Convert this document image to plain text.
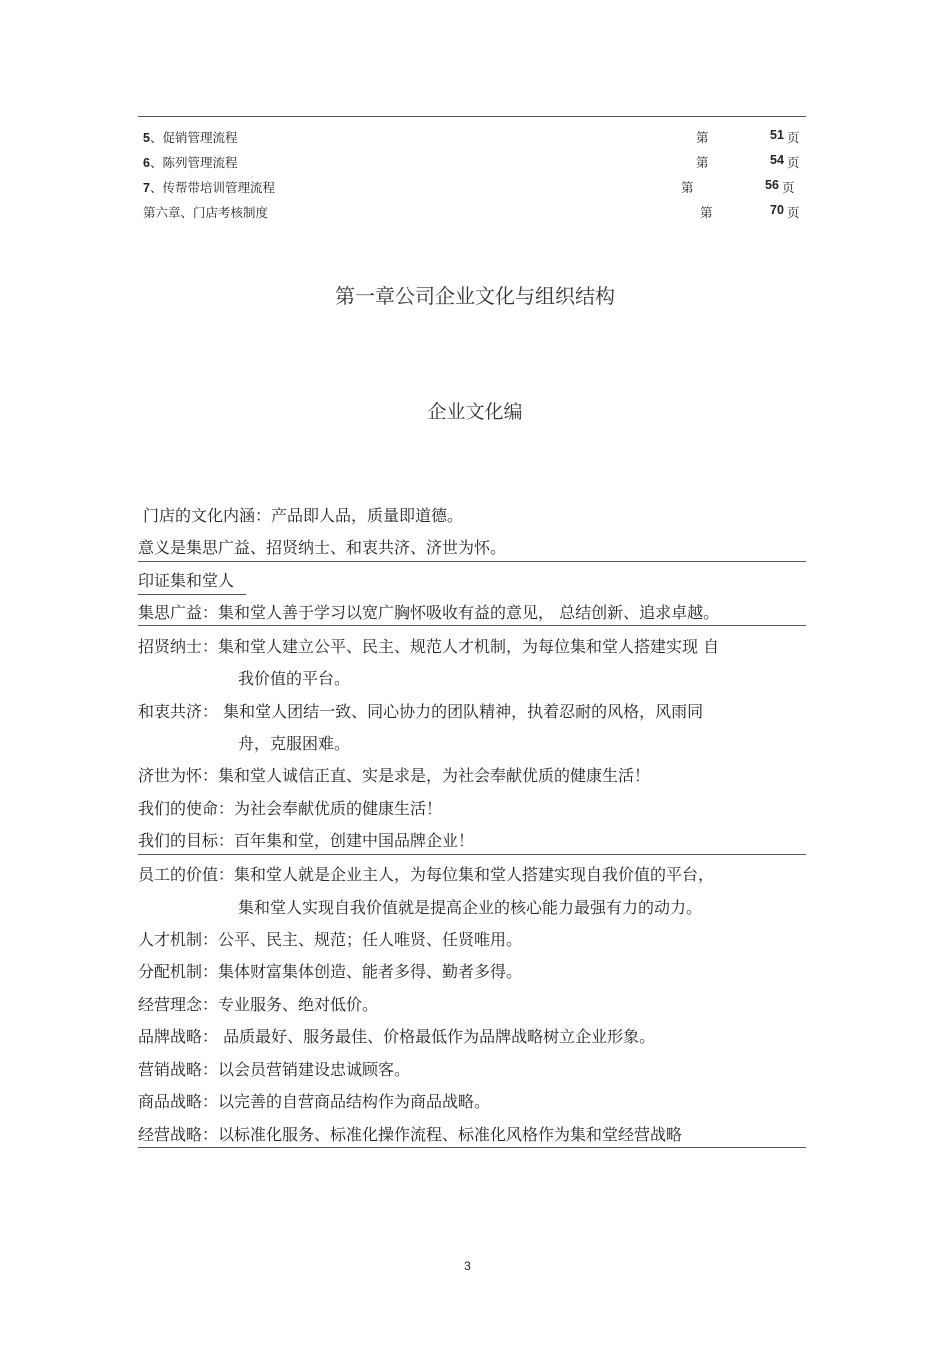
5、促销管理流程	第	51 页
6、陈列管理流程	第	54 页
7、传帮带培训管理流程	第	56 页
第六章、门店考核制度	第	70 页
第一章公司企业文化与组织结构
企业文化编
门店的文化内涵：产品即人品，质量即道德。
意义是集思广益、招贤纳士、和衷共济、济世为怀。
印证集和堂人
集思广益：集和堂人善于学习以宽广胸怀吸收有益的意见， 总结创新、追求卓越。
招贤纳士：集和堂人建立公平、民主、规范人才机制，为每位集和堂人搭建实现 自
我价值的平台。
和衷共济： 集和堂人团结一致、同心协力的团队精神，执着忍耐的风格，风雨同
舟，克服困难。
济世为怀：集和堂人诚信正直、实是求是，为社会奉献优质的健康生活！
我们的使命：为社会奉献优质的健康生活！
我们的目标：百年集和堂，创建中国品牌企业！
员工的价值：集和堂人就是企业主人，为每位集和堂人搭建实现自我价值的平台，
集和堂人实现自我价值就是提高企业的核心能力最强有力的动力。
人才机制：公平、民主、规范；任人唯贤、任贤唯用。
分配机制：集体财富集体创造、能者多得、勤者多得。
经营理念：专业服务、绝对低价。
品牌战略： 品质最好、服务最佳、价格最低作为品牌战略树立企业形象。
营销战略：以会员营销建设忠诚顾客。
商品战略：以完善的自营商品结构作为商品战略。
经营战略：以标准化服务、标准化操作流程、标准化风格作为集和堂经营战略
3
